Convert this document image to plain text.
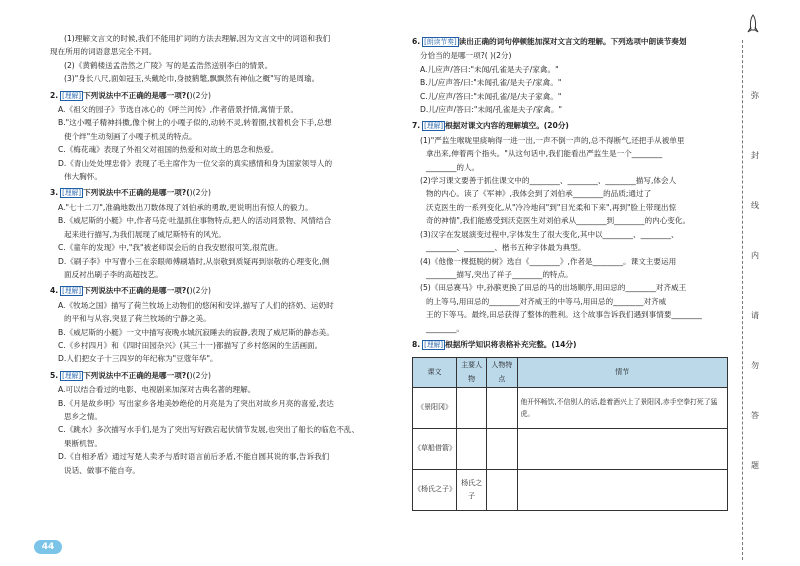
(1)理解文言文的时候,我们不能用扩词的方法去理解,因为文言文中的词语和我们
现在所用的词语意思完全不同。
(2)《黄鹤楼送孟浩然之广陵》写的是孟浩然送别李白的情景。
(3)"身长八尺,面如冠玉,头戴纶巾,身披鹤氅,飘飘然有神仙之概"写的是周瑜。
2. [理解] 下列说法中不正确的是哪一项?()(2分)
A.《祖父的园子》节选自冰心的《呼兰河传》,作者借景抒情,寓情于景。
B."这小嘎子精神抖擞,像个树上的小嘎子似的,动转不灵,转着圈,找着机会下手,总想
使个绊"生动刻画了小嘎子机灵的特点。
C.《梅花魂》表现了外祖父对祖国的热爱和对故土的思念和热爱。
D.《青山处处埋忠骨》表现了毛主席作为一位父亲的真实感情和身为国家领导人的
伟大胸怀。
3. [理解] 下列说法中不正确的是哪一项?()(2分)
A."七十二刀",准确地数出刀数体现了刘伯承的勇敢,更说明出有惊人的毅力。
B.《威尼斯的小艇》中,作者马克·吐温抓住事物特点,把人的活动同景物、风情结合
起来进行描写,为我们展现了威尼斯特有的风光。
C.《童年的发现》中,"我"被老师误会后的自我安慰很可笑,很荒唐。
D.《刷子李》中写曹小三在亲眼师傅刷墙时,从崇敬到质疑再到崇敬的心理变化,侧
面反衬出刷子李的高超技艺。
4. [理解] 下列说法中不正确的是哪一项?()(2分)
A.《牧场之国》描写了荷兰牧场上动物们的悠闲和安详,描写了人们的挤奶、运奶时
的平和与从容,突显了荷兰牧场的宁静之美。
B.《威尼斯的小艇》一文中描写夜晚水城沉寂睡去的寂静,表现了威尼斯的静态美。
C.《乡村四月》和《四时田园杂兴》(其三十一)都描写了乡村悠闲的生活画面。
D.人们把女子十三四岁的年纪称为"豆蔻年华"。
5. [理解] 下列说法中不正确的是哪一项?()(2分)
A.可以结合看过的电影、电视剧来加深对古典名著的理解。
B.《月是故乡明》写出家乡各地美妙绝伦的月亮是为了突出对故乡月亮的喜爱,表达
思乡之情。
C.《跳水》多次描写水手们,是为了突出写好跌宕起伏情节发展,也突出了船长的临危不乱、
果断机智。
D.《自相矛盾》通过写楚人卖矛与盾时语言前后矛盾,不能自圆其说的事,告诉我们
说话、做事不能自夸。
6. [朗读节奏] 读出正确的词句停顿能加深对文言文的理解。下列选项中朗读节奏划
分恰当的是哪一项?( )(2分)
A.儿应声/答曰:"未闻/孔雀是夫子/家禽。"
B.儿/应声答/曰:"未闻孔雀/是夫子/家禽。"
C.儿/应声/答曰:"未闻孔雀/是/夫子家禽。"
D.儿/应声/答曰:"未闻/孔雀是夫子/家禽。"
7. [理解] 根据对课文内容的理解填空。(20分)
(1)"严监生喉咙里痰响得一进一出,一声不倒一声的,总不得断气,还把手从被单里
拿出来,伸着两个指头。"从这句话中,我们能看出严监生是一个________
________的人。
(2)学习课文要善于抓住课文中的________、________、________描写,体会人
物的内心。读了《军神》,我体会到了刘伯承________的品质;通过了
沃克医生的一系列变化,从"冷冷地问"到"目光柔和下来",再到"脸上带现出惊
奇的神情",我们能感受到沃克医生对刘伯承从________到________的内心变化。
(3)汉字在发展演变过程中,字体发生了很大变化,其中以________、________、
________、________、楷书五种字体最为典型。
(4)《他像一棵挺脱的树》选自《________》,作者是________。课文主要运用
________描写,突出了祥子________的特点。
(5)《田忌赛马》中,孙膑更换了田忌的马的出场顺序,用田忌的________对齐威王
的上等马,用田忌的________对齐威王的中等马,用田忌的________对齐威
王的下等马。最终,田忌获得了整体的胜利。这个故事告诉我们遇到事情要________
________。
8. [理解] 根据所学知识将表格补充完整。(14分)
课文	主要人物	人物特点	情节
《景阳冈》			他开怀畅饮,不信别人的话,趁着酒兴上了景阳冈,赤手空拳打死了猛虎。
《草船借箭》			
《杨氏之子》	杨氏之子		
44
弥
封
线
内
请
勿
答
题
